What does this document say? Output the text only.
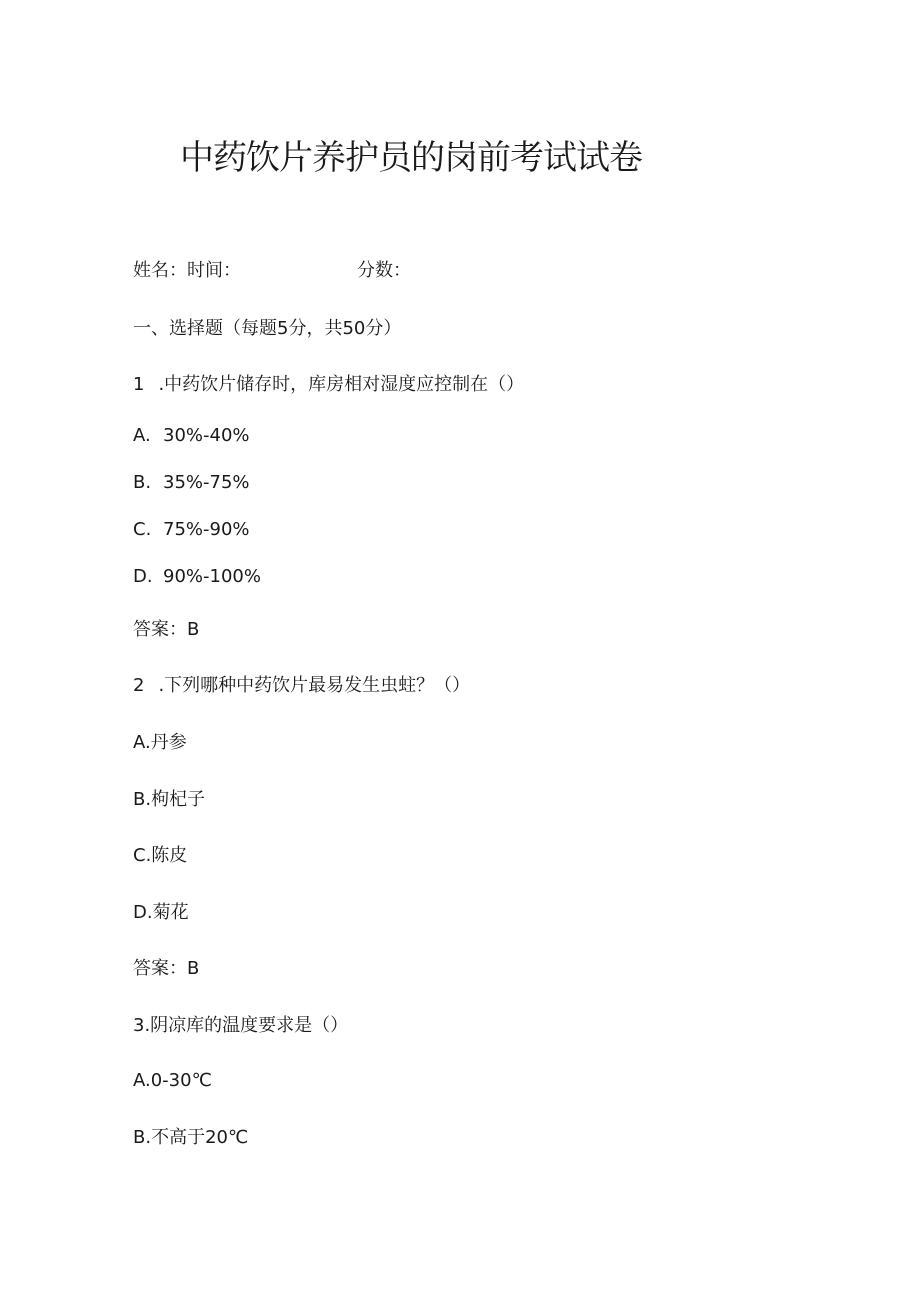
中药饮片养护员的岗前考试试卷
姓名：时间：	分数：
一、选择题（每题5分，共50分）
1 .中药饮片储存时，库房相对湿度应控制在（）
A. 30%-40%
B. 35%-75%
C. 75%-90%
D. 90%-100%
答案：B
2 .下列哪种中药饮片最易发生虫蛀？（）
A.丹参
B.枸杞子
C.陈皮
D.菊花
答案：B
3.阴凉库的温度要求是（）
A.0-30℃
B.不高于20℃
